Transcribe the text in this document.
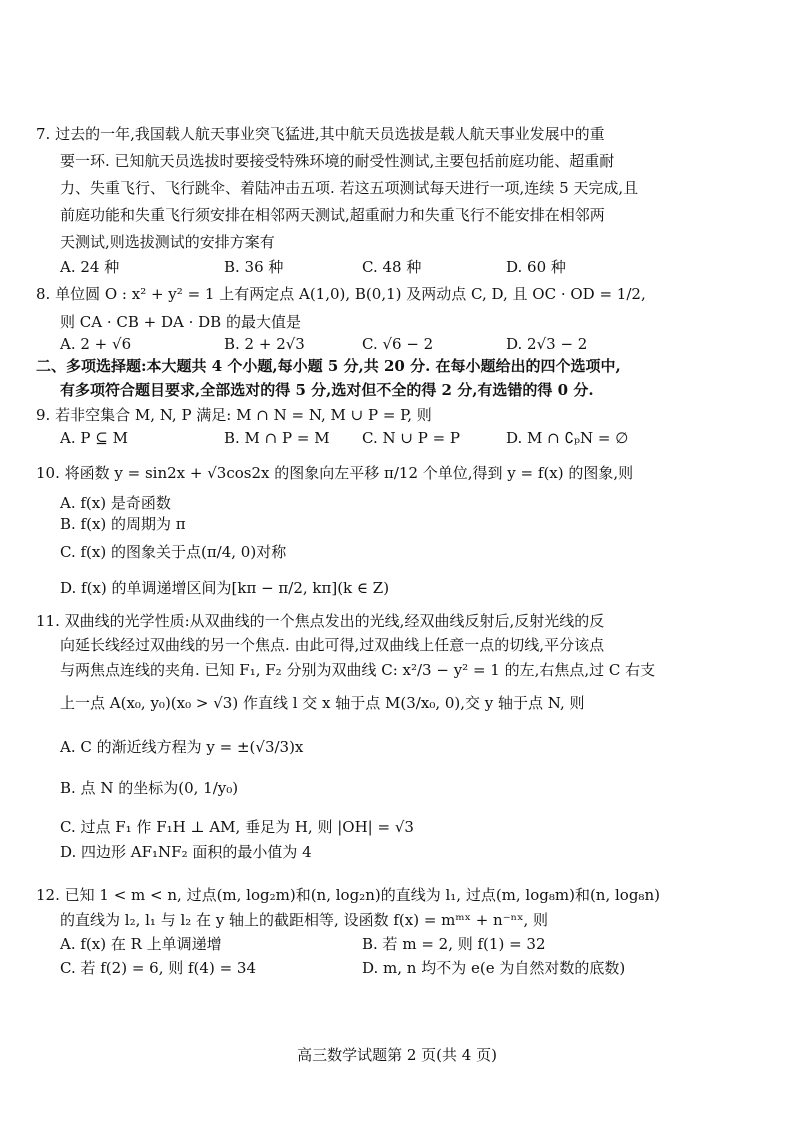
7. 过去的一年,我国载人航天事业突飞猛进,其中航天员选拔是载人航天事业发展中的重
要一环. 已知航天员选拔时要接受特殊环境的耐受性测试,主要包括前庭功能、超重耐
力、失重飞行、飞行跳伞、着陆冲击五项. 若这五项测试每天进行一项,连续 5 天完成,且
前庭功能和失重飞行须安排在相邻两天测试,超重耐力和失重飞行不能安排在相邻两
天测试,则选拔测试的安排方案有
A. 24 种	B. 36 种	C. 48 种	D. 60 种
8. 单位圆 O : x² + y² = 1 上有两定点 A(1,0), B(0,1) 及两动点 C, D, 且 OC · OD = 1/2,
则 CA · CB + DA · DB 的最大值是
A. 2 + √6	B. 2 + 2√3	C. √6 − 2	D. 2√3 − 2
二、多项选择题:本大题共 4 个小题,每小题 5 分,共 20 分. 在每小题给出的四个选项中,
有多项符合题目要求,全部选对的得 5 分,选对但不全的得 2 分,有选错的得 0 分.
9. 若非空集合 M, N, P 满足: M ∩ N = N, M ∪ P = P, 则
A. P ⊆ M	B. M ∩ P = M C. N ∪ P = P	D. M ∩ ∁ₚN = ∅
10. 将函数 y = sin2x + √3cos2x 的图象向左平移 π/12 个单位,得到 y = f(x) 的图象,则
A. f(x) 是奇函数
B. f(x) 的周期为 π
C. f(x) 的图象关于点(π/4, 0)对称
D. f(x) 的单调递增区间为[kπ − π/2, kπ](k ∈ Z)
11. 双曲线的光学性质:从双曲线的一个焦点发出的光线,经双曲线反射后,反射光线的反
向延长线经过双曲线的另一个焦点. 由此可得,过双曲线上任意一点的切线,平分该点
与两焦点连线的夹角. 已知 F₁, F₂ 分别为双曲线 C: x²/3 − y² = 1 的左,右焦点,过 C 右支
上一点 A(x₀, y₀)(x₀ > √3) 作直线 l 交 x 轴于点 M(3/x₀, 0),交 y 轴于点 N, 则
A. C 的渐近线方程为 y = ±(√3/3)x
B. 点 N 的坐标为(0, 1/y₀)
C. 过点 F₁ 作 F₁H ⊥ AM, 垂足为 H, 则 |OH| = √3
D. 四边形 AF₁NF₂ 面积的最小值为 4
12. 已知 1 < m < n, 过点(m, log₂m)和(n, log₂n)的直线为 l₁, 过点(m, log₈m)和(n, log₈n)
的直线为 l₂, l₁ 与 l₂ 在 y 轴上的截距相等, 设函数 f(x) = mᵐˣ + n⁻ⁿˣ, 则
A. f(x) 在 R 上单调递增	B. 若 m = 2, 则 f(1) = 32
C. 若 f(2) = 6, 则 f(4) = 34	D. m, n 均不为 e(e 为自然对数的底数)
高三数学试题第 2 页(共 4 页)
